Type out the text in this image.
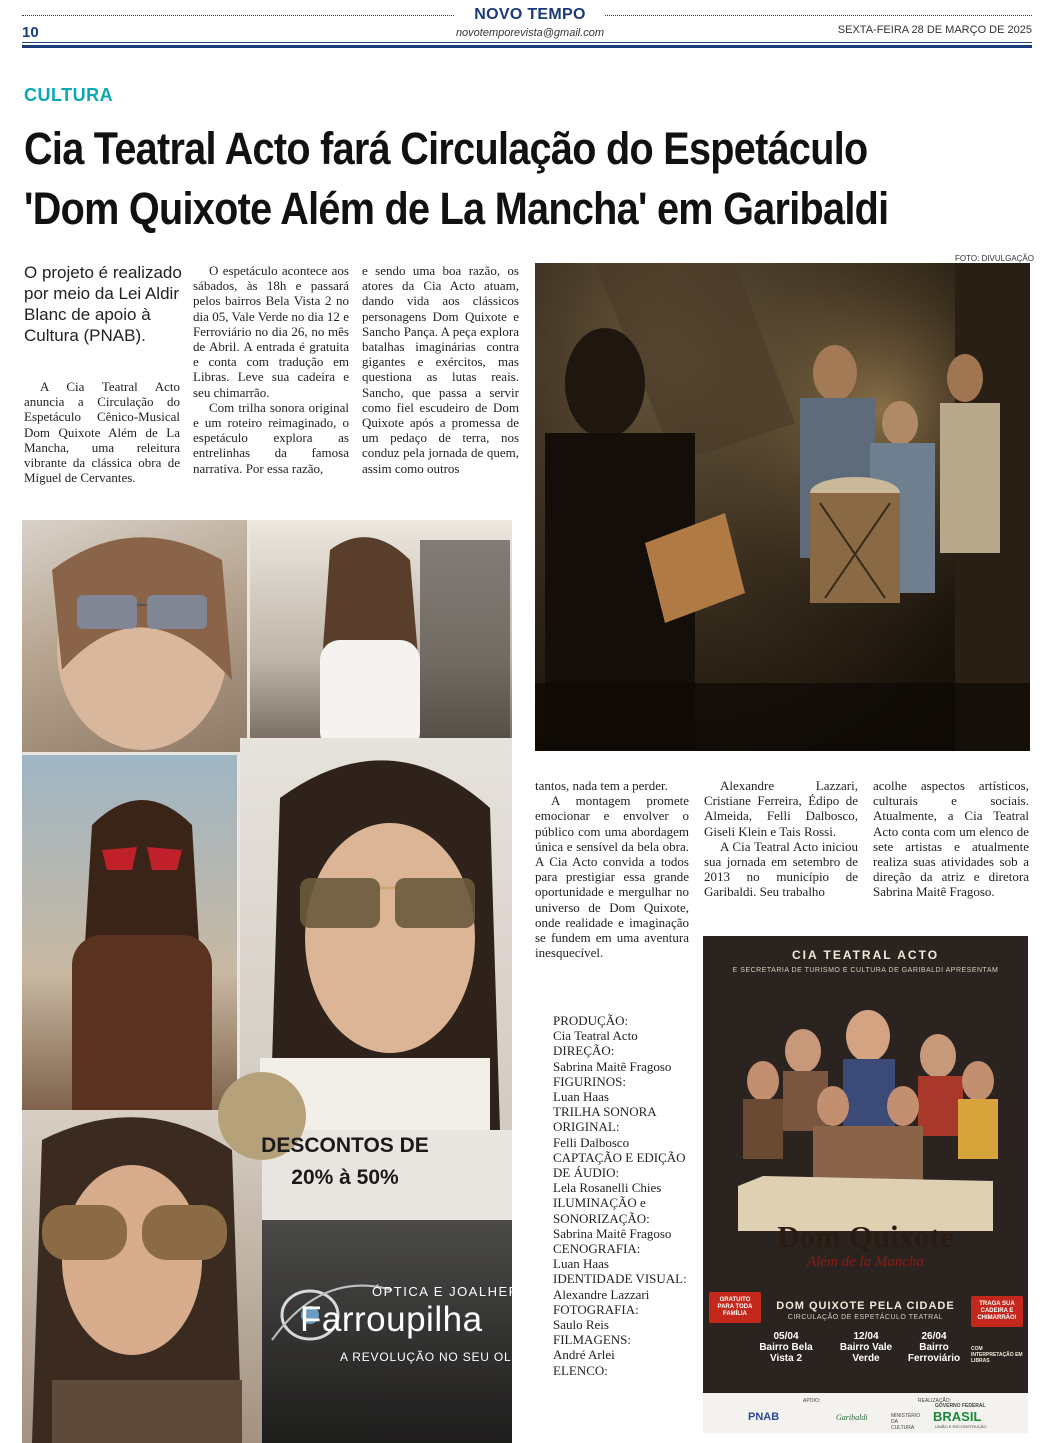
10
NOVO TEMPO
novotemporevista@gmail.com	SEXTA-FEIRA 28 DE MARÇO DE 2025
CULTURA
Cia Teatral Acto fará Circulação do Espetáculo
'Dom Quixote Além de La Mancha' em Garibaldi
O projeto é realizado por meio da Lei Aldir Blanc de apoio à Cultura (PNAB).

A Cia Teatral Acto anuncia a Circulação do Espetáculo Cênico-Musical Dom Quixote Além de La Mancha, uma releitura vibrante da clássica obra de Miguel de Cervantes.

O espetáculo acontece aos sábados, às 18h e passará pelos bairros Bela Vista 2 no dia 05, Vale Verde no dia 12 e Ferroviário no dia 26, no mês de Abril. A entrada é gratuita e conta com tradução em Libras. Leve sua cadeira e seu chimarrão.

Com trilha sonora original e um roteiro reimaginado, o espetáculo explora as entrelinhas da famosa narrativa. Por essa razão,

e sendo uma boa razão, os atores da Cia Acto atuam, dando vida aos clássicos personagens Dom Quixote e Sancho Pança. A peça explora batalhas imaginárias contra gigantes e exércitos, mas questiona as lutas reais. Sancho, que passa a servir como fiel escudeiro de Dom Quixote após a promessa de um pedaço de terra, nos conduz pela jornada de quem, assim como outros

FOTO: DIVULGAÇÃO
DESCONTOS DE
20% à 50%
ÓPTICA E JOALHERIA
Farroupilha
A REVOLUÇÃO NO SEU OLHAR

tantos, nada tem a perder.

A montagem promete emocionar e envolver o público com uma abordagem única e sensível da bela obra. A Cia Acto convida a todos para prestigiar essa grande oportunidade e mergulhar no universo de Dom Quixote, onde realidade e imaginação se fundem em uma aventura inesquecível.

Alexandre Lazzari, Cristiane Ferreira, Édipo de Almeida, Felli Dalbosco, Giseli Klein e Tais Rossi.

A Cia Teatral Acto iniciou sua jornada em setembro de 2013 no município de Garibaldi. Seu trabalho

acolhe aspectos artísticos, culturais e sociais. Atualmente, a Cia Teatral Acto conta com um elenco de sete artistas e atualmente realiza suas atividades sob a direção da atriz e diretora Sabrina Maitê Fragoso.

PRODUÇÃO:
Cia Teatral Acto
DIREÇÃO:
Sabrina Maitê Fragoso
FIGURINOS:
Luan Haas
TRILHA SONORA ORIGINAL:
Felli Dalbosco
CAPTAÇÃO E EDIÇÃO DE ÁUDIO:
Lela Rosanelli Chies
ILUMINAÇÃO e SONORIZAÇÃO:
Sabrina Maitê Fragoso
CENOGRAFIA:
Luan Haas
IDENTIDADE VISUAL:
Alexandre Lazzari
FOTOGRAFIA:
Saulo Reis
FILMAGENS:
André Arlei
ELENCO:
CIA TEATRAL ACTO
E SECRETARIA DE TURISMO E CULTURA DE GARIBALDI APRESENTAM
Dom Quixote
Além de la Mancha
DOM QUIXOTE PELA CIDADE
CIRCULAÇÃO DE ESPETÁCULO TEATRAL
GRATUITO PARA TODA FAMÍLIA
TRAGA SUA CADEIRA E CHIMARRÃO!
05/04
Bairro Bela Vista 2
12/04
Bairro Vale Verde
26/04
Bairro Ferroviário
COM INTERPRETAÇÃO EM LIBRAS
APOIO:	REALIZAÇÃO:
PNAB	Garibaldi	MINISTÉRIO DA CULTURA
GOVERNO FEDERAL
BRASIL
UNIÃO E RECONSTRUÇÃO
